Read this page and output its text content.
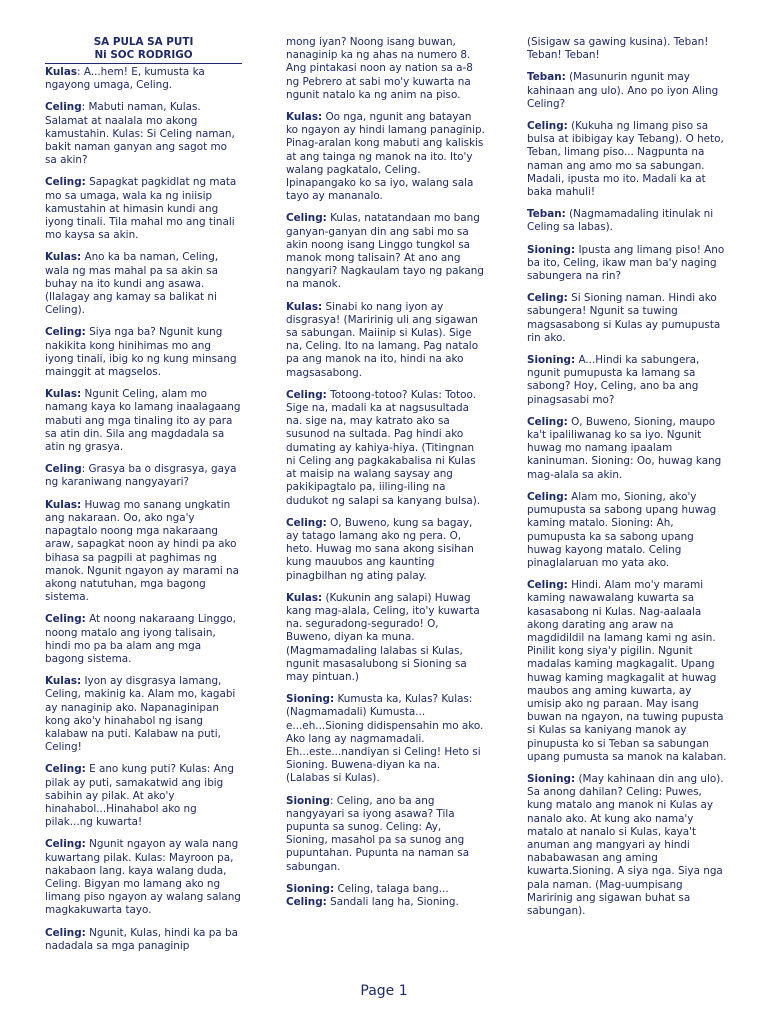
SA PULA SA PUTI
Ni SOC RODRIGO

Kulas: A...hem! E, kumusta ka ngayong umaga, Celing.

Celing: Mabuti naman, Kulas. Salamat at naalala mo akong kamustahin. Kulas: Si Celing naman, bakit naman ganyan ang sagot mo sa akin?

Celing: Sapagkat pagkidlat ng mata mo sa umaga, wala ka ng iniisip kamustahin at himasin kundi ang iyong tinali. Tila mahal mo ang tinali mo kaysa sa akin.

Kulas: Ano ka ba naman, Celing, wala ng mas mahal pa sa akin sa buhay na ito kundi ang asawa. (Ilalagay ang kamay sa balikat ni Celing).

Celing: Siya nga ba? Ngunit kung nakikita kong hinihimas mo ang iyong tinali, ibig ko ng kung minsang mainggit at magselos.

Kulas: Ngunit Celing, alam mo namang kaya ko lamang inaalagaang mabuti ang mga tinaling ito ay para sa atin din. Sila ang magdadala sa atin ng grasya.

Celing: Grasya ba o disgrasya, gaya ng karaniwang nangyayari?

Kulas: Huwag mo sanang ungkatin ang nakaraan. Oo, ako nga'y napagtalo noong mga nakaraang araw, sapagkat noon ay hindi pa ako bihasa sa pagpili at paghimas ng manok. Ngunit ngayon ay marami na akong natutuhan, mga bagong sistema.

Celing: At noong nakaraang Linggo, noong matalo ang iyong talisain, hindi mo pa ba alam ang mga bagong sistema.

Kulas: Iyon ay disgrasya lamang, Celing, makinig ka. Alam mo, kagabi ay nanaginip ako. Napanaginipan kong ako'y hinahabol ng isang kalabaw na puti. Kalabaw na puti, Celing!

Celing: E ano kung puti? Kulas: Ang pilak ay puti, samakatwid ang ibig sabihin ay pilak. At ako'y hinahabol...Hinahabol ako ng pilak...ng kuwarta!

Celing: Ngunit ngayon ay wala nang kuwartang pilak. Kulas: Mayroon pa, nakabaon lang. kaya walang duda, Celing. Bigyan mo lamang ako ng limang piso ngayon ay walang salang magkakuwarta tayo.

Celing: Ngunit, Kulas, hindi ka pa ba nadadala sa mga panaginip

mong iyan? Noong isang buwan, nanaginip ka ng ahas na numero 8. Ang pintakasi noon ay nation sa a-8 ng Pebrero at sabi mo'y kuwarta na ngunit natalo ka ng anim na piso.

Kulas: Oo nga, ngunit ang batayan ko ngayon ay hindi lamang panaginip. Pinag-aralan kong mabuti ang kaliskis at ang tainga ng manok na ito. Ito'y walang pagkatalo, Celing. Ipinapangako ko sa iyo, walang sala tayo ay mananalo.

Celing: Kulas, natatandaan mo bang ganyan-ganyan din ang sabi mo sa akin noong isang Linggo tungkol sa manok mong talisain? At ano ang nangyari? Nagkaulam tayo ng pakang na manok.

Kulas: Sinabi ko nang iyon ay disgrasya! (Maririnig uli ang sigawan sa sabungan. Maiinip si Kulas). Sige na, Celing. Ito na lamang. Pag natalo pa ang manok na ito, hindi na ako magsasabong.

Celing: Totoong-totoo? Kulas: Totoo. Sige na, madali ka at nagsusultada na. sige na, may katrato ako sa susunod na sultada. Pag hindi ako dumating ay kahiya-hiya. (Titingnan ni Celing ang pagkakabalisa ni Kulas at maisip na walang saysay ang pakikipagtalo pa, iiling-iling na dudukot ng salapi sa kanyang bulsa).

Celing: O, Buweno, kung sa bagay, ay tatago lamang ako ng pera. O, heto. Huwag mo sana akong sisihan kung mauubos ang kaunting pinagbilhan ng ating palay.

Kulas: (Kukunin ang salapi) Huwag kang mag-alala, Celing, ito'y kuwarta na. seguradong-segurado! O, Buweno, diyan ka muna. (Magmamadaling lalabas si Kulas, ngunit masasalubong si Sioning sa may pintuan.)

Sioning: Kumusta ka, Kulas? Kulas: (Nagmamadali) Kumusta... e...eh...Sioning didispensahin mo ako. Ako lang ay nagmamadali. Eh...este...nandiyan si Celing! Heto si Sioning. Buwena-diyan ka na. (Lalabas si Kulas).

Sioning: Celing, ano ba ang nangyayari sa iyong asawa? Tila pupunta sa sunog. Celing: Ay, Sioning, masahol pa sa sunog ang pupuntahan. Pupunta na naman sa sabungan.

Sioning: Celing, talaga bang...

Celing: Sandali lang ha, Sioning.

(Sisigaw sa gawing kusina). Teban! Teban! Teban!

Teban: (Masunurin ngunit may kahinaan ang ulo). Ano po iyon Aling Celing?

Celing: (Kukuha ng limang piso sa bulsa at ibibigay kay Tebang). O heto, Teban, limang piso... Nagpunta na naman ang amo mo sa sabungan. Madali, ipusta mo ito. Madali ka at baka mahuli!

Teban: (Nagmamadaling itinulak ni Celing sa labas).

Sioning: Ipusta ang limang piso! Ano ba ito, Celing, ikaw man ba'y naging sabungera na rin?

Celing: Si Sioning naman. Hindi ako sabungera! Ngunit sa tuwing magsasabong si Kulas ay pumupusta rin ako.

Sioning: A...Hindi ka sabungera, ngunit pumupusta ka lamang sa sabong? Hoy, Celing, ano ba ang pinagsasabi mo?

Celing: O, Buweno, Sioning, maupo ka't ipaliliwanag ko sa iyo. Ngunit huwag mo namang ipaalam kaninuman. Sioning: Oo, huwag kang mag-alala sa akin.

Celing: Alam mo, Sioning, ako'y pumupusta sa sabong upang huwag kaming matalo. Sioning: Ah, pumupusta ka sa sabong upang huwag kayong matalo. Celing pinaglalaruan mo yata ako.

Celing: Hindi. Alam mo'y marami kaming nawawalang kuwarta sa kasasabong ni Kulas. Nag-aalaala akong darating ang araw na magdidildil na lamang kami ng asin. Pinilit kong siya'y pigilin. Ngunit madalas kaming magkagalit. Upang huwag kaming magkagalit at huwag maubos ang aming kuwarta, ay umisip ako ng paraan. May isang buwan na ngayon, na tuwing pupusta si Kulas sa kaniyang manok ay pinupusta ko si Teban sa sabungan upang pumusta sa manok na kalaban.

Sioning: (May kahinaan din ang ulo). Sa anong dahilan? Celing: Puwes, kung matalo ang manok ni Kulas ay nanalo ako. At kung ako nama'y matalo at nanalo si Kulas, kaya't anuman ang mangyari ay hindi nababawasan ang aming kuwarta.Sioning. A siya nga. Siya nga pala naman. (Mag-uumpisang Maririnig ang sigawan buhat sa sabungan).

Page 1
